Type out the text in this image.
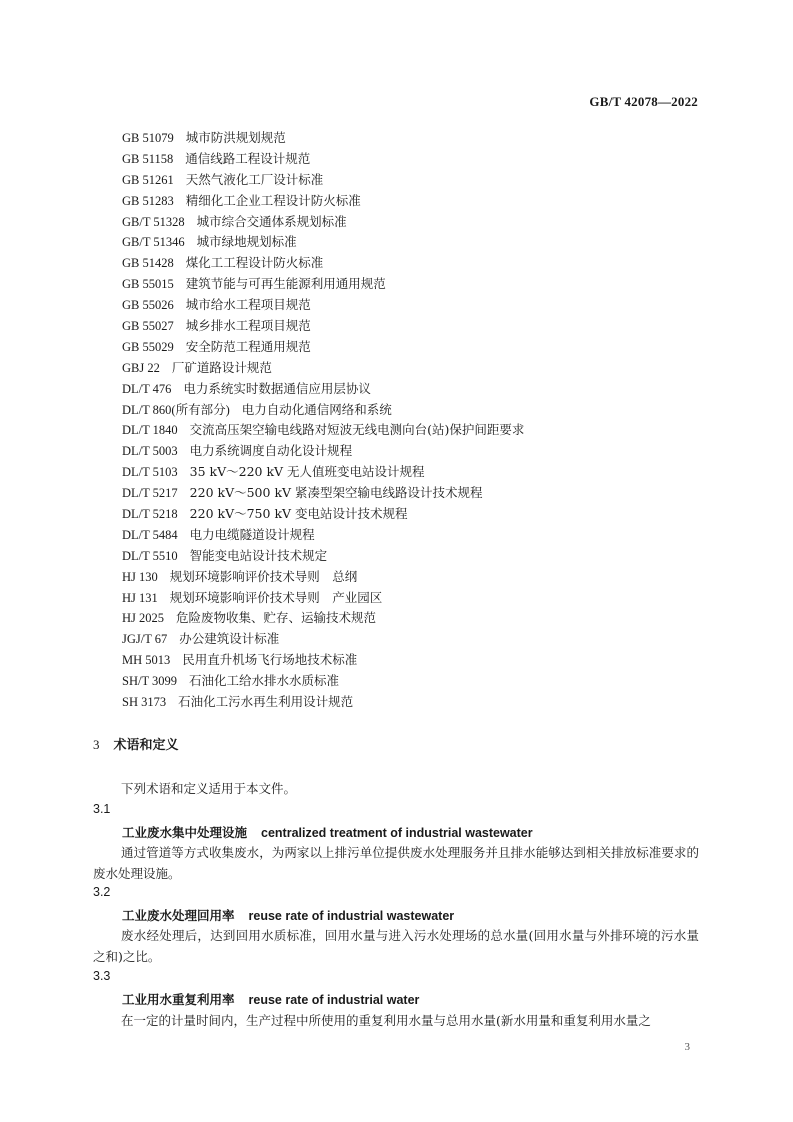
GB/T 42078—2022
GB 51079 城市防洪规划规范
GB 51158 通信线路工程设计规范
GB 51261 天然气液化工厂设计标准
GB 51283 精细化工企业工程设计防火标准
GB/T 51328 城市综合交通体系规划标准
GB/T 51346 城市绿地规划标准
GB 51428 煤化工工程设计防火标准
GB 55015 建筑节能与可再生能源利用通用规范
GB 55026 城市给水工程项目规范
GB 55027 城乡排水工程项目规范
GB 55029 安全防范工程通用规范
GBJ 22 厂矿道路设计规范
DL/T 476 电力系统实时数据通信应用层协议
DL/T 860(所有部分) 电力自动化通信网络和系统
DL/T 1840 交流高压架空输电线路对短波无线电测向台(站)保护间距要求
DL/T 5003 电力系统调度自动化设计规程
DL/T 5103 35 kV～220 kV 无人值班变电站设计规程
DL/T 5217 220 kV～500 kV 紧凑型架空输电线路设计技术规程
DL/T 5218 220 kV～750 kV 变电站设计技术规程
DL/T 5484 电力电缆隧道设计规程
DL/T 5510 智能变电站设计技术规定
HJ 130 规划环境影响评价技术导则　总纲
HJ 131 规划环境影响评价技术导则　产业园区
HJ 2025 危险废物收集、贮存、运输技术规范
JGJ/T 67 办公建筑设计标准
MH 5013 民用直升机场飞行场地技术标准
SH/T 3099 石油化工给水排水水质标准
SH 3173 石油化工污水再生利用设计规范
3 术语和定义
下列术语和定义适用于本文件。
3.1
工业废水集中处理设施 centralized treatment of industrial wastewater
通过管道等方式收集废水，为两家以上排污单位提供废水处理服务并且排水能够达到相关排放标准要求的废水处理设施。
3.2
工业废水处理回用率 reuse rate of industrial wastewater
废水经处理后，达到回用水质标准，回用水量与进入污水处理场的总水量(回用水量与外排环境的污水量之和)之比。
3.3
工业用水重复利用率 reuse rate of industrial water
在一定的计量时间内，生产过程中所使用的重复利用水量与总用水量(新水用量和重复利用水量之
3
